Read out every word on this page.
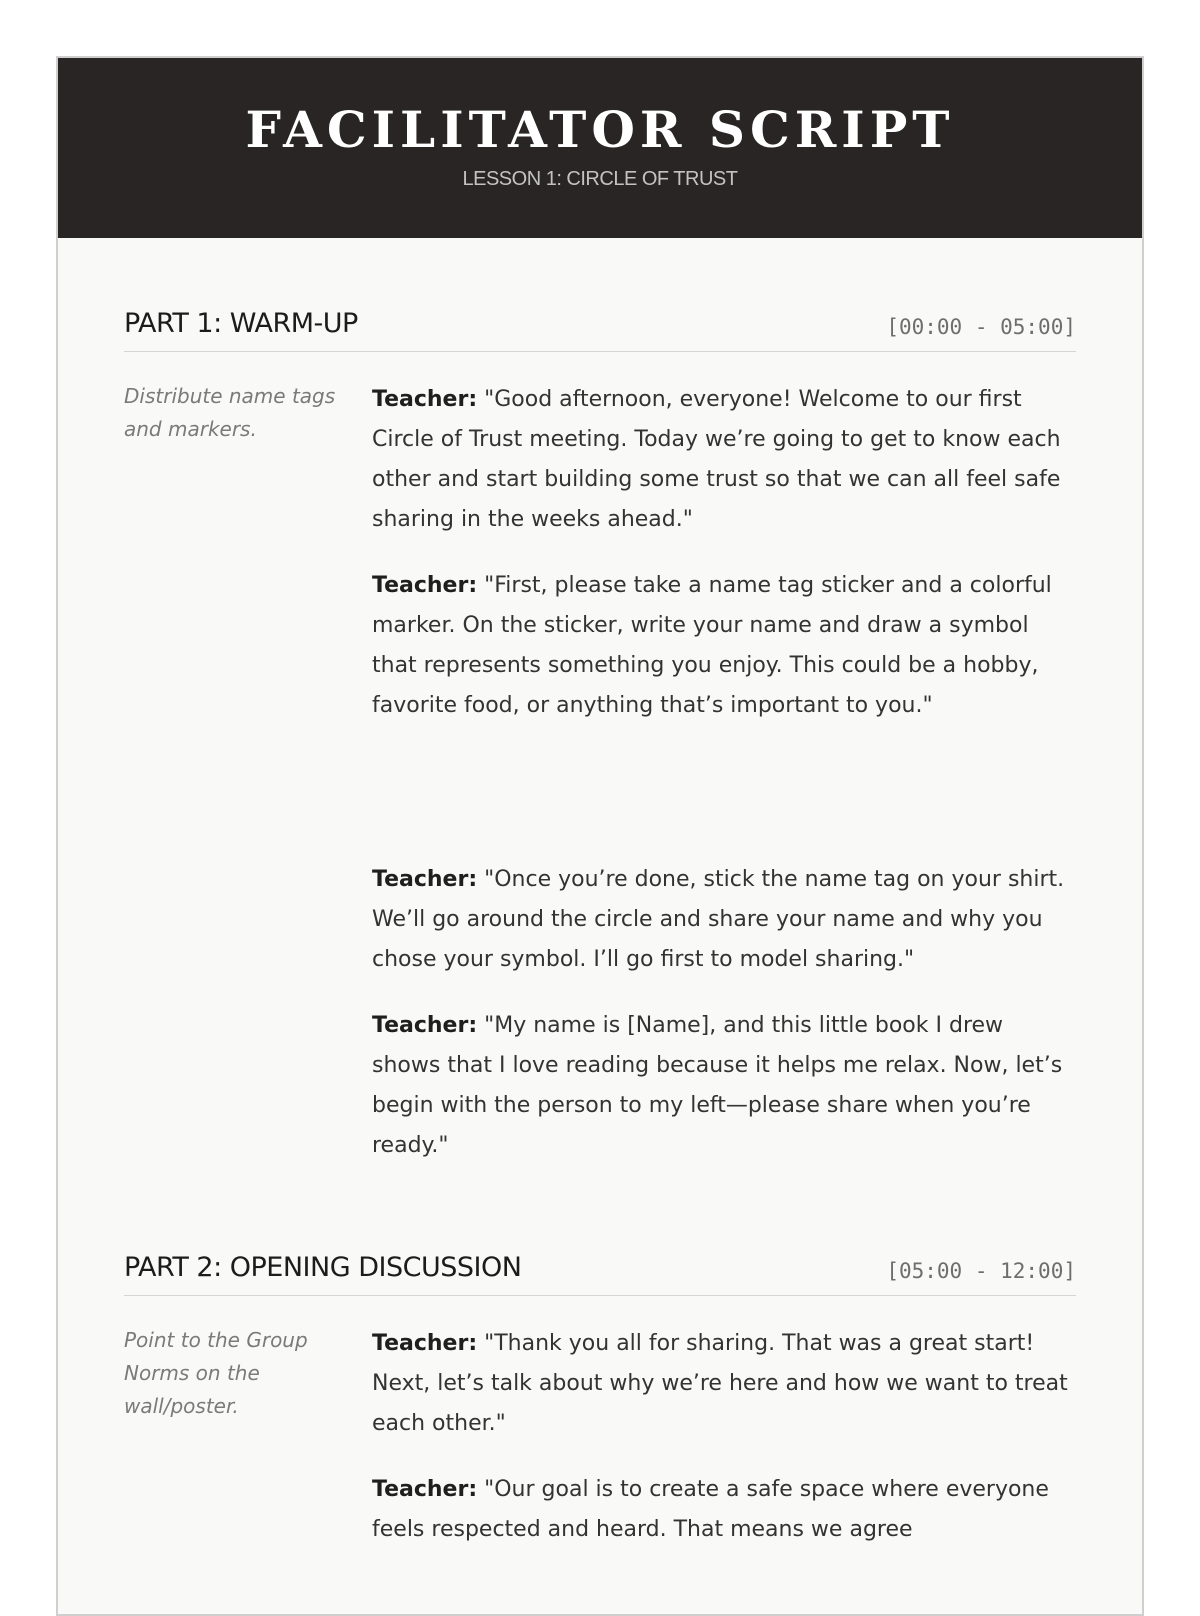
FACILITATOR SCRIPT
LESSON 1: CIRCLE OF TRUST
PART 1: WARM-UP	[00:00 - 05:00]
Distribute name tags and markers.

Teacher: "Good afternoon, everyone! Welcome to our first Circle of Trust meeting. Today we’re going to get to know each other and start building some trust so that we can all feel safe sharing in the weeks ahead."

Teacher: "First, please take a name tag sticker and a colorful marker. On the sticker, write your name and draw a symbol that represents something you enjoy. This could be a hobby, favorite food, or anything that’s important to you."

Teacher: "Once you’re done, stick the name tag on your shirt. We’ll go around the circle and share your name and why you chose your symbol. I’ll go first to model sharing."

Teacher: "My name is [Name], and this little book I drew shows that I love reading because it helps me relax. Now, let’s begin with the person to my left—please share when you’re ready."

PART 2: OPENING DISCUSSION	[05:00 - 12:00]
Point to the Group Norms on the wall/poster.

Teacher: "Thank you all for sharing. That was a great start! Next, let’s talk about why we’re here and how we want to treat each other."

Teacher: "Our goal is to create a safe space where everyone feels respected and heard. That means we agree
